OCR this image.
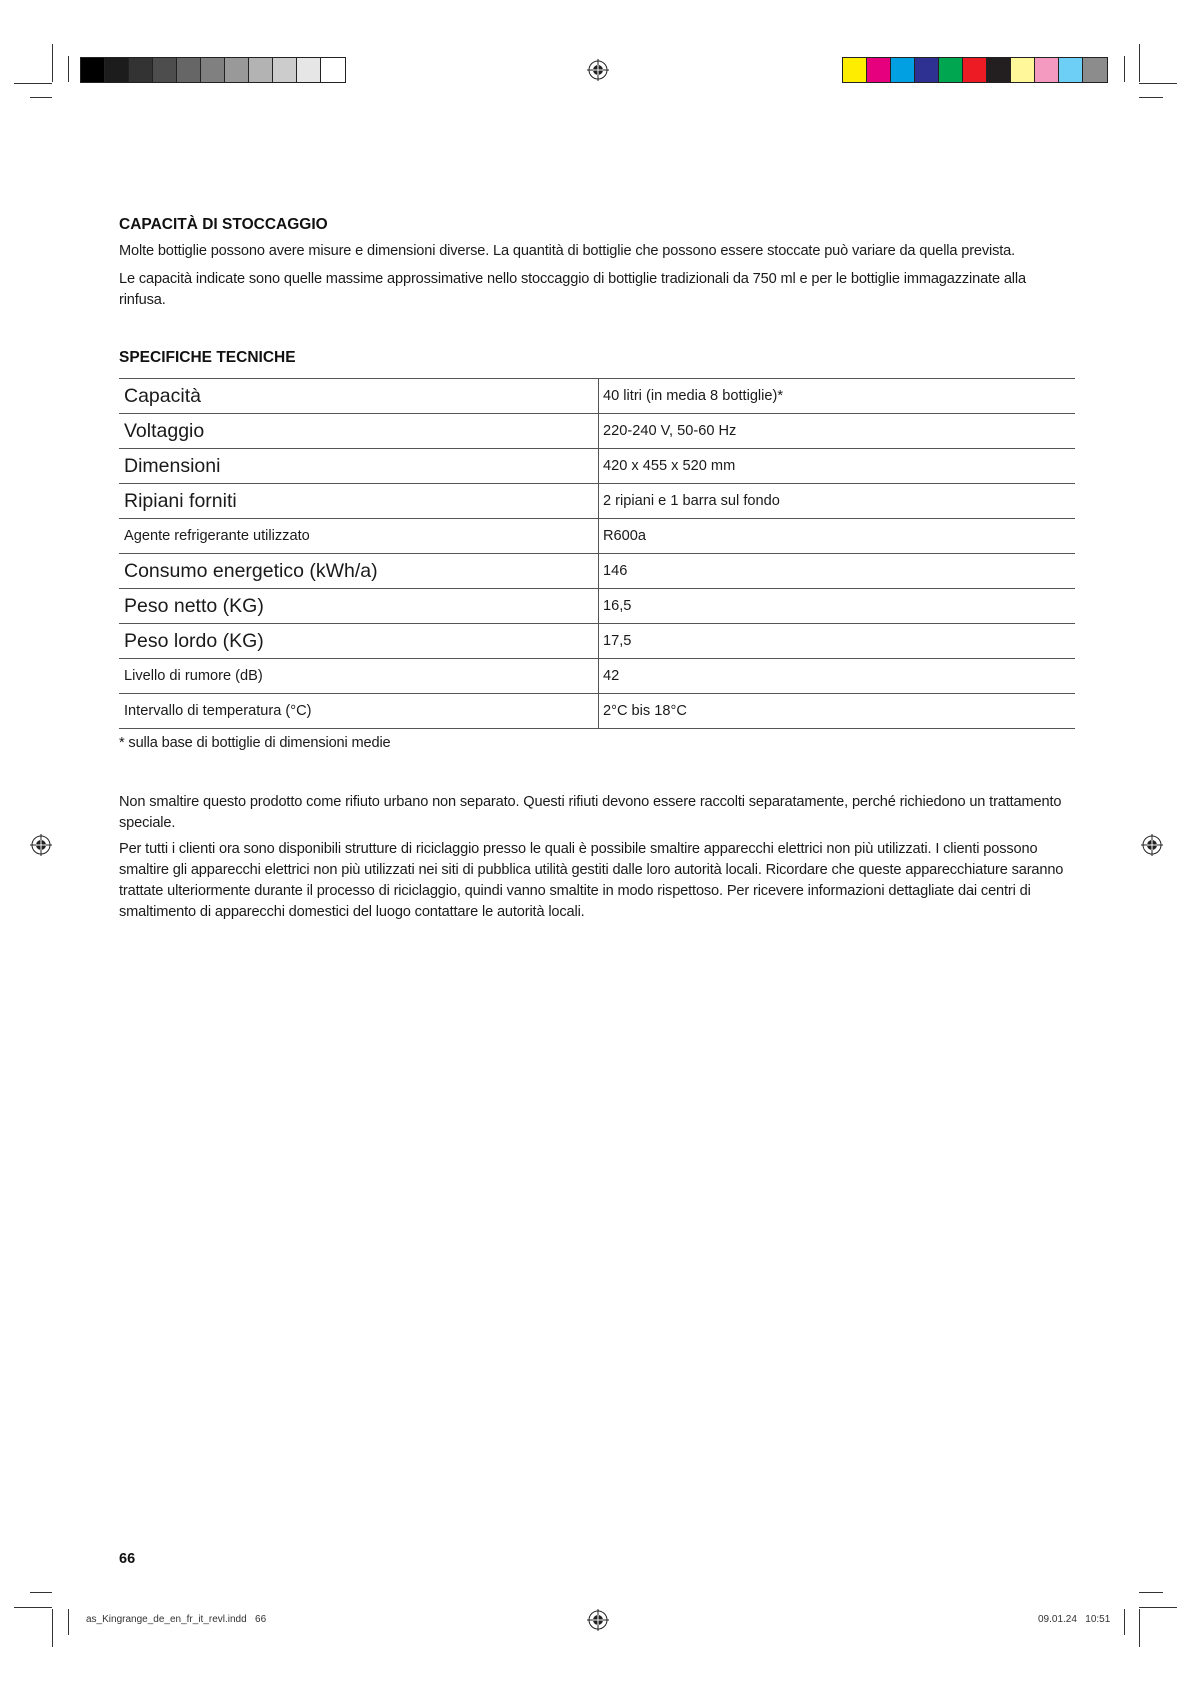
CAPACITÀ DI STOCCAGGIO

Molte bottiglie possono avere misure e dimensioni diverse. La quantità di bottiglie che possono essere stoccate può variare da quella prevista.

Le capacità indicate sono quelle massime approssimative nello stoccaggio di bottiglie tradizionali da 750 ml e per le bottiglie immagazzinate alla rinfusa.

SPECIFICHE TECNICHE
Capacità	40 litri (in media 8 bottiglie)*
Voltaggio	220-240 V, 50-60 Hz
Dimensioni	420 x 455 x 520 mm
Ripiani forniti	2 ripiani e 1 barra sul fondo
Agente refrigerante utilizzato	R600a
Consumo energetico (kWh/a)	146
Peso netto (KG)	16,5
Peso lordo (KG)	17,5
Livello di rumore (dB)	42
Intervallo di temperatura (°C)	2°C bis 18°C

* sulla base di bottiglie di dimensioni medie

Non smaltire questo prodotto come rifiuto urbano non separato. Questi rifiuti devono essere raccolti separatamente, perché richiedono un trattamento speciale.

Per tutti i clienti ora sono disponibili strutture di riciclaggio presso le quali è possibile smaltire apparecchi elettrici non più utilizzati. I clienti possono smaltire gli apparecchi elettrici non più utilizzati nei siti di pubblica utilità gestiti dalle loro autorità locali. Ricordare che queste apparecchiature saranno trattate ulteriormente durante il processo di riciclaggio, quindi vanno smaltite in modo rispettoso. Per ricevere informazioni dettagliate dai centri di smaltimento di apparecchi domestici del luogo contattare le autorità locali.

66
as_Kingrange_de_en_fr_it_revl.indd   66	09.01.24   10:51
